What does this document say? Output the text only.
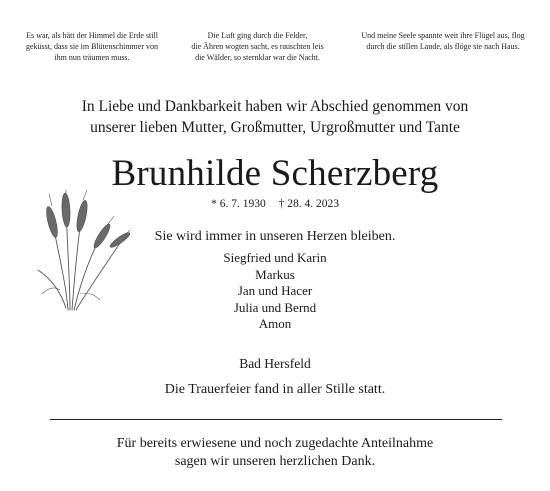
Es war, als hätt der Himmel die Erde still
geküsst, dass sie im Blütenschimmer von
ihm nun träumen muss.
Die Luft ging durch die Felder,
die Ähren wogten sacht, es rauschten leis
die Wälder, so sternklar war die Nacht.
Und meine Seele spannte weit ihre Flügel aus, flog
durch die stillen Lande, als flöge sie nach Haus.
In Liebe und Dankbarkeit haben wir Abschied genommen von
unserer lieben Mutter, Großmutter, Urgroßmutter und Tante
Brunhilde Scherzberg
* 6. 7. 1930 † 28. 4. 2023
Sie wird immer in unseren Herzen bleiben.
Siegfried und Karin
Markus
Jan und Hacer
Julia und Bernd
Amon
Bad Hersfeld
Die Trauerfeier fand in aller Stille statt.
Für bereits erwiesene und noch zugedachte Anteilnahme
sagen wir unseren herzlichen Dank.
